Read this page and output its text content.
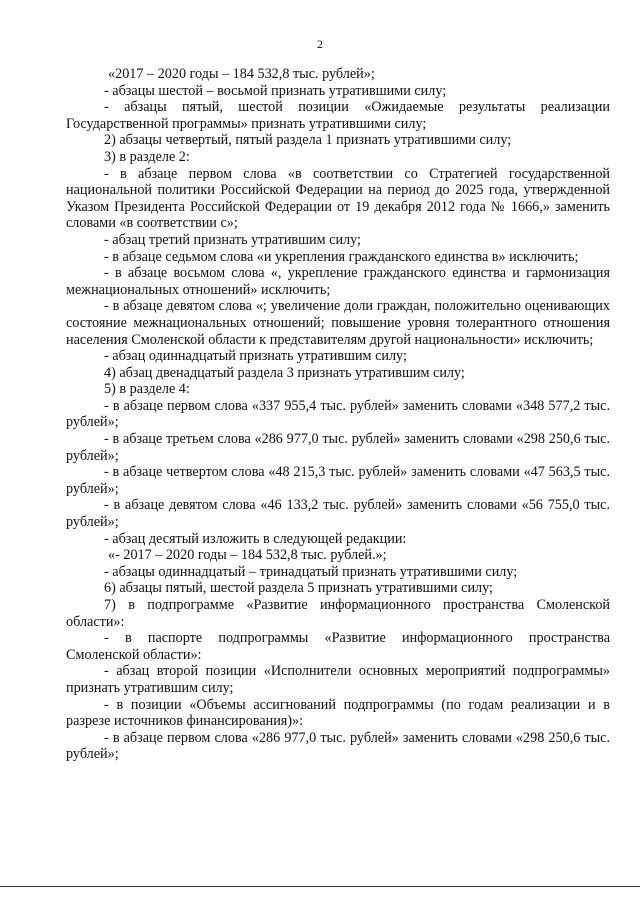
2

«2017 – 2020 годы – 184 532,8 тыс. рублей»;

- абзацы шестой – восьмой признать утратившими силу;

- абзацы пятый, шестой позиции «Ожидаемые результаты реализации Государственной программы» признать утратившими силу;

2) абзацы четвертый, пятый раздела 1 признать утратившими силу;

3) в разделе 2:

- в абзаце первом слова «в соответствии со Стратегией государственной национальной политики Российской Федерации на период до 2025 года, утвержденной Указом Президента Российской Федерации от 19 декабря 2012 года № 1666,» заменить словами «в соответствии с»;

- абзац третий признать утратившим силу;

- в абзаце седьмом слова «и укрепления гражданского единства в» исключить;

- в абзаце восьмом слова «, укрепление гражданского единства и гармонизация межнациональных отношений» исключить;

- в абзаце девятом слова «; увеличение доли граждан, положительно оценивающих состояние межнациональных отношений; повышение уровня толерантного отношения населения Смоленской области к представителям другой национальности» исключить;

- абзац одиннадцатый признать утратившим силу;

4) абзац двенадцатый раздела 3 признать утратившим силу;

5) в разделе 4:

- в абзаце первом слова «337 955,4 тыс. рублей» заменить словами «348 577,2 тыс. рублей»;

- в абзаце третьем слова «286 977,0 тыс. рублей» заменить словами «298 250,6 тыс. рублей»;

- в абзаце четвертом слова «48 215,3 тыс. рублей» заменить словами «47 563,5 тыс. рублей»;

- в абзаце девятом слова «46 133,2 тыс. рублей» заменить словами «56 755,0 тыс. рублей»;

- абзац десятый изложить в следующей редакции:

«- 2017 – 2020 годы – 184 532,8 тыс. рублей.»;

- абзацы одиннадцатый – тринадцатый признать утратившими силу;

6) абзацы пятый, шестой раздела 5 признать утратившими силу;

7) в подпрограмме «Развитие информационного пространства Смоленской области»:

- в паспорте подпрограммы «Развитие информационного пространства Смоленской области»:

- абзац второй позиции «Исполнители основных мероприятий подпрограммы» признать утратившим силу;

- в позиции «Объемы ассигнований подпрограммы (по годам реализации и в разрезе источников финансирования)»:

- в абзаце первом слова «286 977,0 тыс. рублей» заменить словами «298 250,6 тыс. рублей»;
